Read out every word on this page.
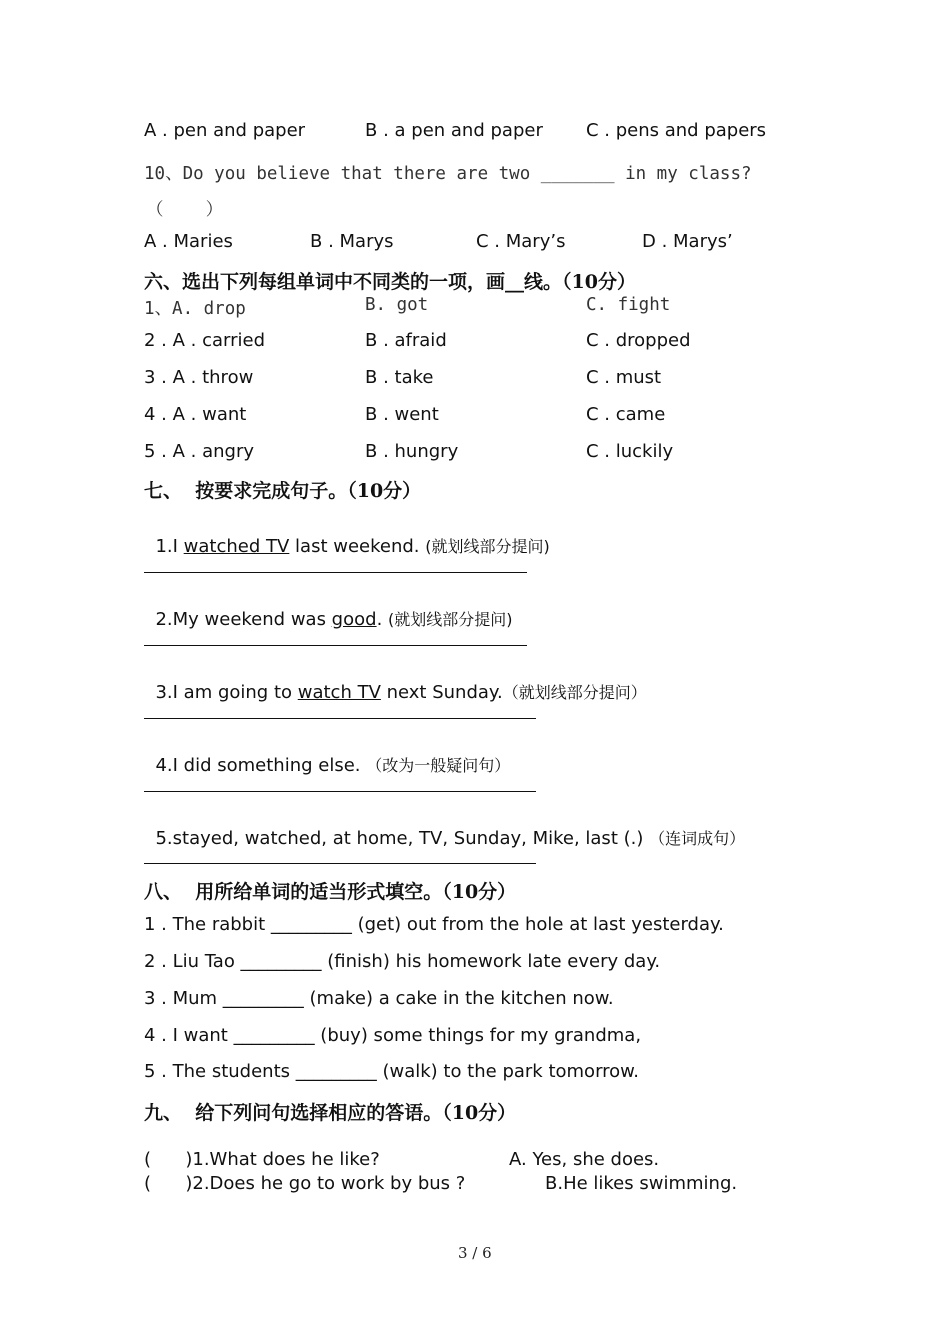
A . pen and paper	B . a pen and paper C . pens and papers
10、Do you believe that there are two _______ in my class?
（    ）
A . Maries	B . Marys	C . Mary’s	D . Marys’
六、选出下列每组单词中不同类的一项，画__线。（10分）
1、A. drop	B. got	C. fight
2 . A . carried	B . afraid	C . dropped
3 . A . throw	B . take	C . must
4 . A . want	B . went	C . came
5 . A . angry	B . hungry	C . luckily
七、  按要求完成句子。（10分）

1.I watched TV last weekend. (就划线部分提问)

2.My weekend was good. (就划线部分提问)

3.I am going to watch TV next Sunday.（就划线部分提问）

4.I did something else. （改为一般疑问句）

5.stayed, watched, at home, TV, Sunday, Mike, last (.) （连词成句）

八、  用所给单词的适当形式填空。（10分）
1 . The rabbit _________ (get) out from the hole at last yesterday.
2 . Liu Tao _________ (finish) his homework late every day.
3 . Mum _________ (make) a cake in the kitchen now.
4 . I want _________ (buy) some things for my grandma,
5 . The students _________ (walk) to the park tomorrow.
九、  给下列问句选择相应的答语。（10分）
(      )1.What does he like?	A. Yes, she does.
(      )2.Does he go to work by bus ?	B.He likes swimming.
3 / 6
